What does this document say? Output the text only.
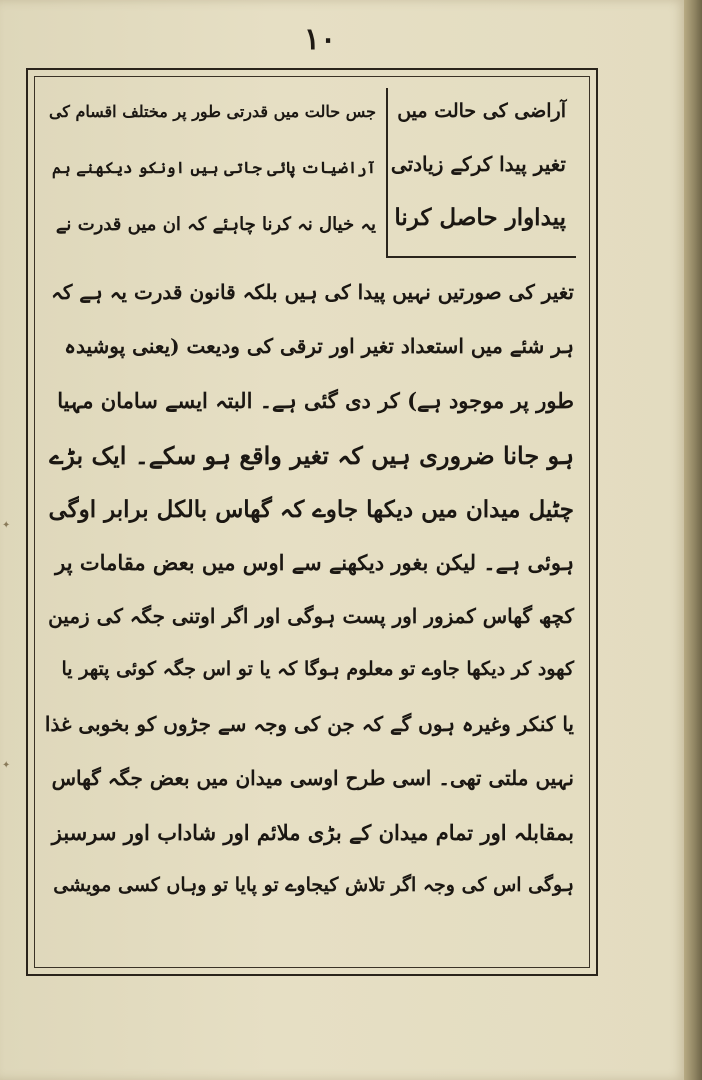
✦
✦
۱۰
آراضی کی حالت میں
تغیر پیدا کرکے زیادتی
پیداوار حاصل کرنا
جس حالت میں قدرتی طور پر مختلف اقسام کی
آراضیات پائی جاتی ہیں اونکو دیکھنے ہم
یہ خیال نہ کرنا چاہئے کہ ان میں قدرت نے
تغیر کی صورتیں نہیں پیدا کی ہیں بلکہ قانون قدرت یہ ہے کہ
ہر شئے میں استعداد تغیر اور ترقی کی ودیعت (یعنی پوشیدہ
طور پر موجود ہے) کر دی گئی ہے۔ البتہ ایسے سامان مہیا
ہو جانا ضروری ہیں کہ تغیر واقع ہو سکے۔ ایک بڑے
چٹیل میدان میں دیکھا جاوے کہ گھاس بالکل برابر اوگی
ہوئی ہے۔ لیکن بغور دیکھنے سے اوس میں بعض مقامات پر
کچھ گھاس کمزور اور پست ہوگی اور اگر اوتنی جگہ کی زمین
کھود کر دیکھا جاوے تو معلوم ہوگا کہ یا تو اس جگہ کوئی پتھر یا
یا کنکر وغیرہ ہوں گے کہ جن کی وجہ سے جڑوں کو بخوبی غذا
نہیں ملتی تھی۔ اسی طرح اوسی میدان میں بعض جگہ گھاس
بمقابلہ اور تمام میدان کے بڑی ملائم اور شاداب اور سرسبز
ہوگی اس کی وجہ اگر تلاش کیجاوے تو پایا تو وہاں کسی مویشی
